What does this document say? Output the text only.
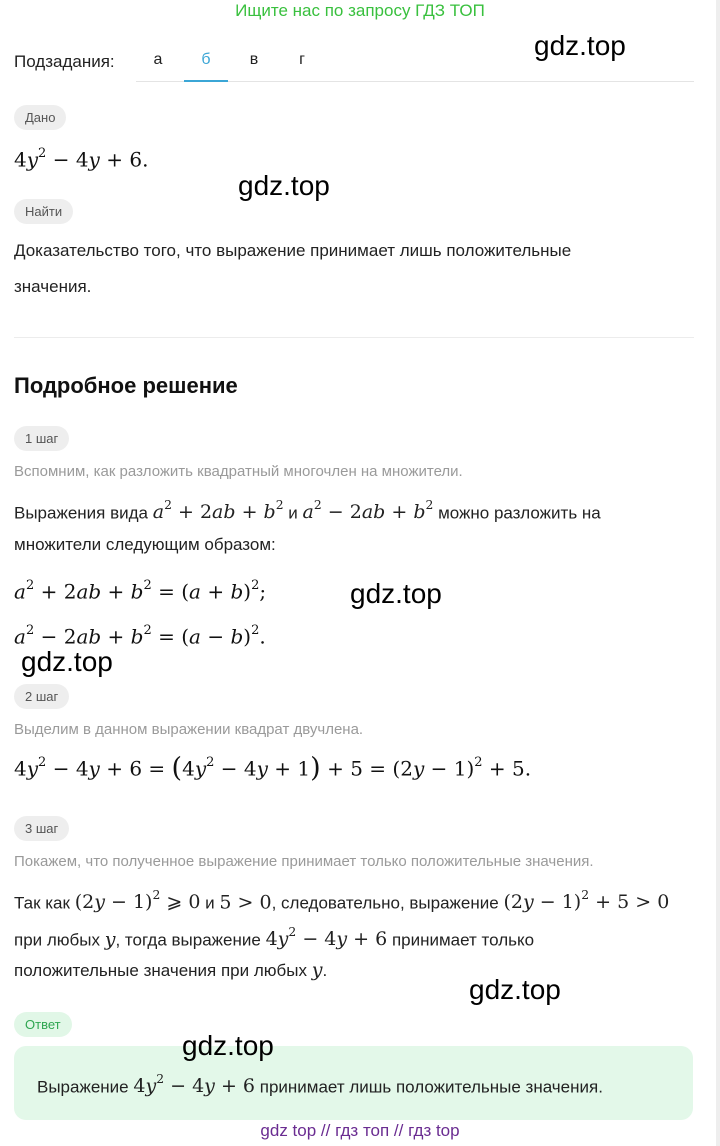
Ищите нас по запросу ГДЗ ТОП
Подзадания:	а	б	в	г
Дано
$4y^2 - 4y + 6$.
Найти
Доказательство того, что выражение принимает лишь положительные
значения.
Подробное решение
1 шаг
Вспомним, как разложить квадратный многочлен на множители.
Выражения вида $a^2 + 2ab + b^2$ и $a^2 - 2ab + b^2$ можно разложить на
множители следующим образом:
$a^2 + 2ab + b^2 = (a + b)^2$;
$a^2 - 2ab + b^2 = (a - b)^2$.
2 шаг
Выделим в данном выражении квадрат двучлена.
$4y^2 - 4y + 6 = (4y^2 - 4y + 1) + 5 = (2y - 1)^2 + 5$.
3 шаг
Покажем, что полученное выражение принимает только положительные значения.
Так как $(2y - 1)^2$ ⩾ 0 и 5 > 0, следовательно, выражение $(2y - 1)^2 + 5 > 0$
при любых y, тогда выражение $4y^2 - 4y + 6$ принимает только
положительные значения при любых y.
Ответ
Выражение $4y^2 - 4y + 6$ принимает лишь положительные значения.
gdz.top
gdz.top
gdz.top
gdz.top
gdz.top
gdz.top
gdz top // гдз топ // гдз top
